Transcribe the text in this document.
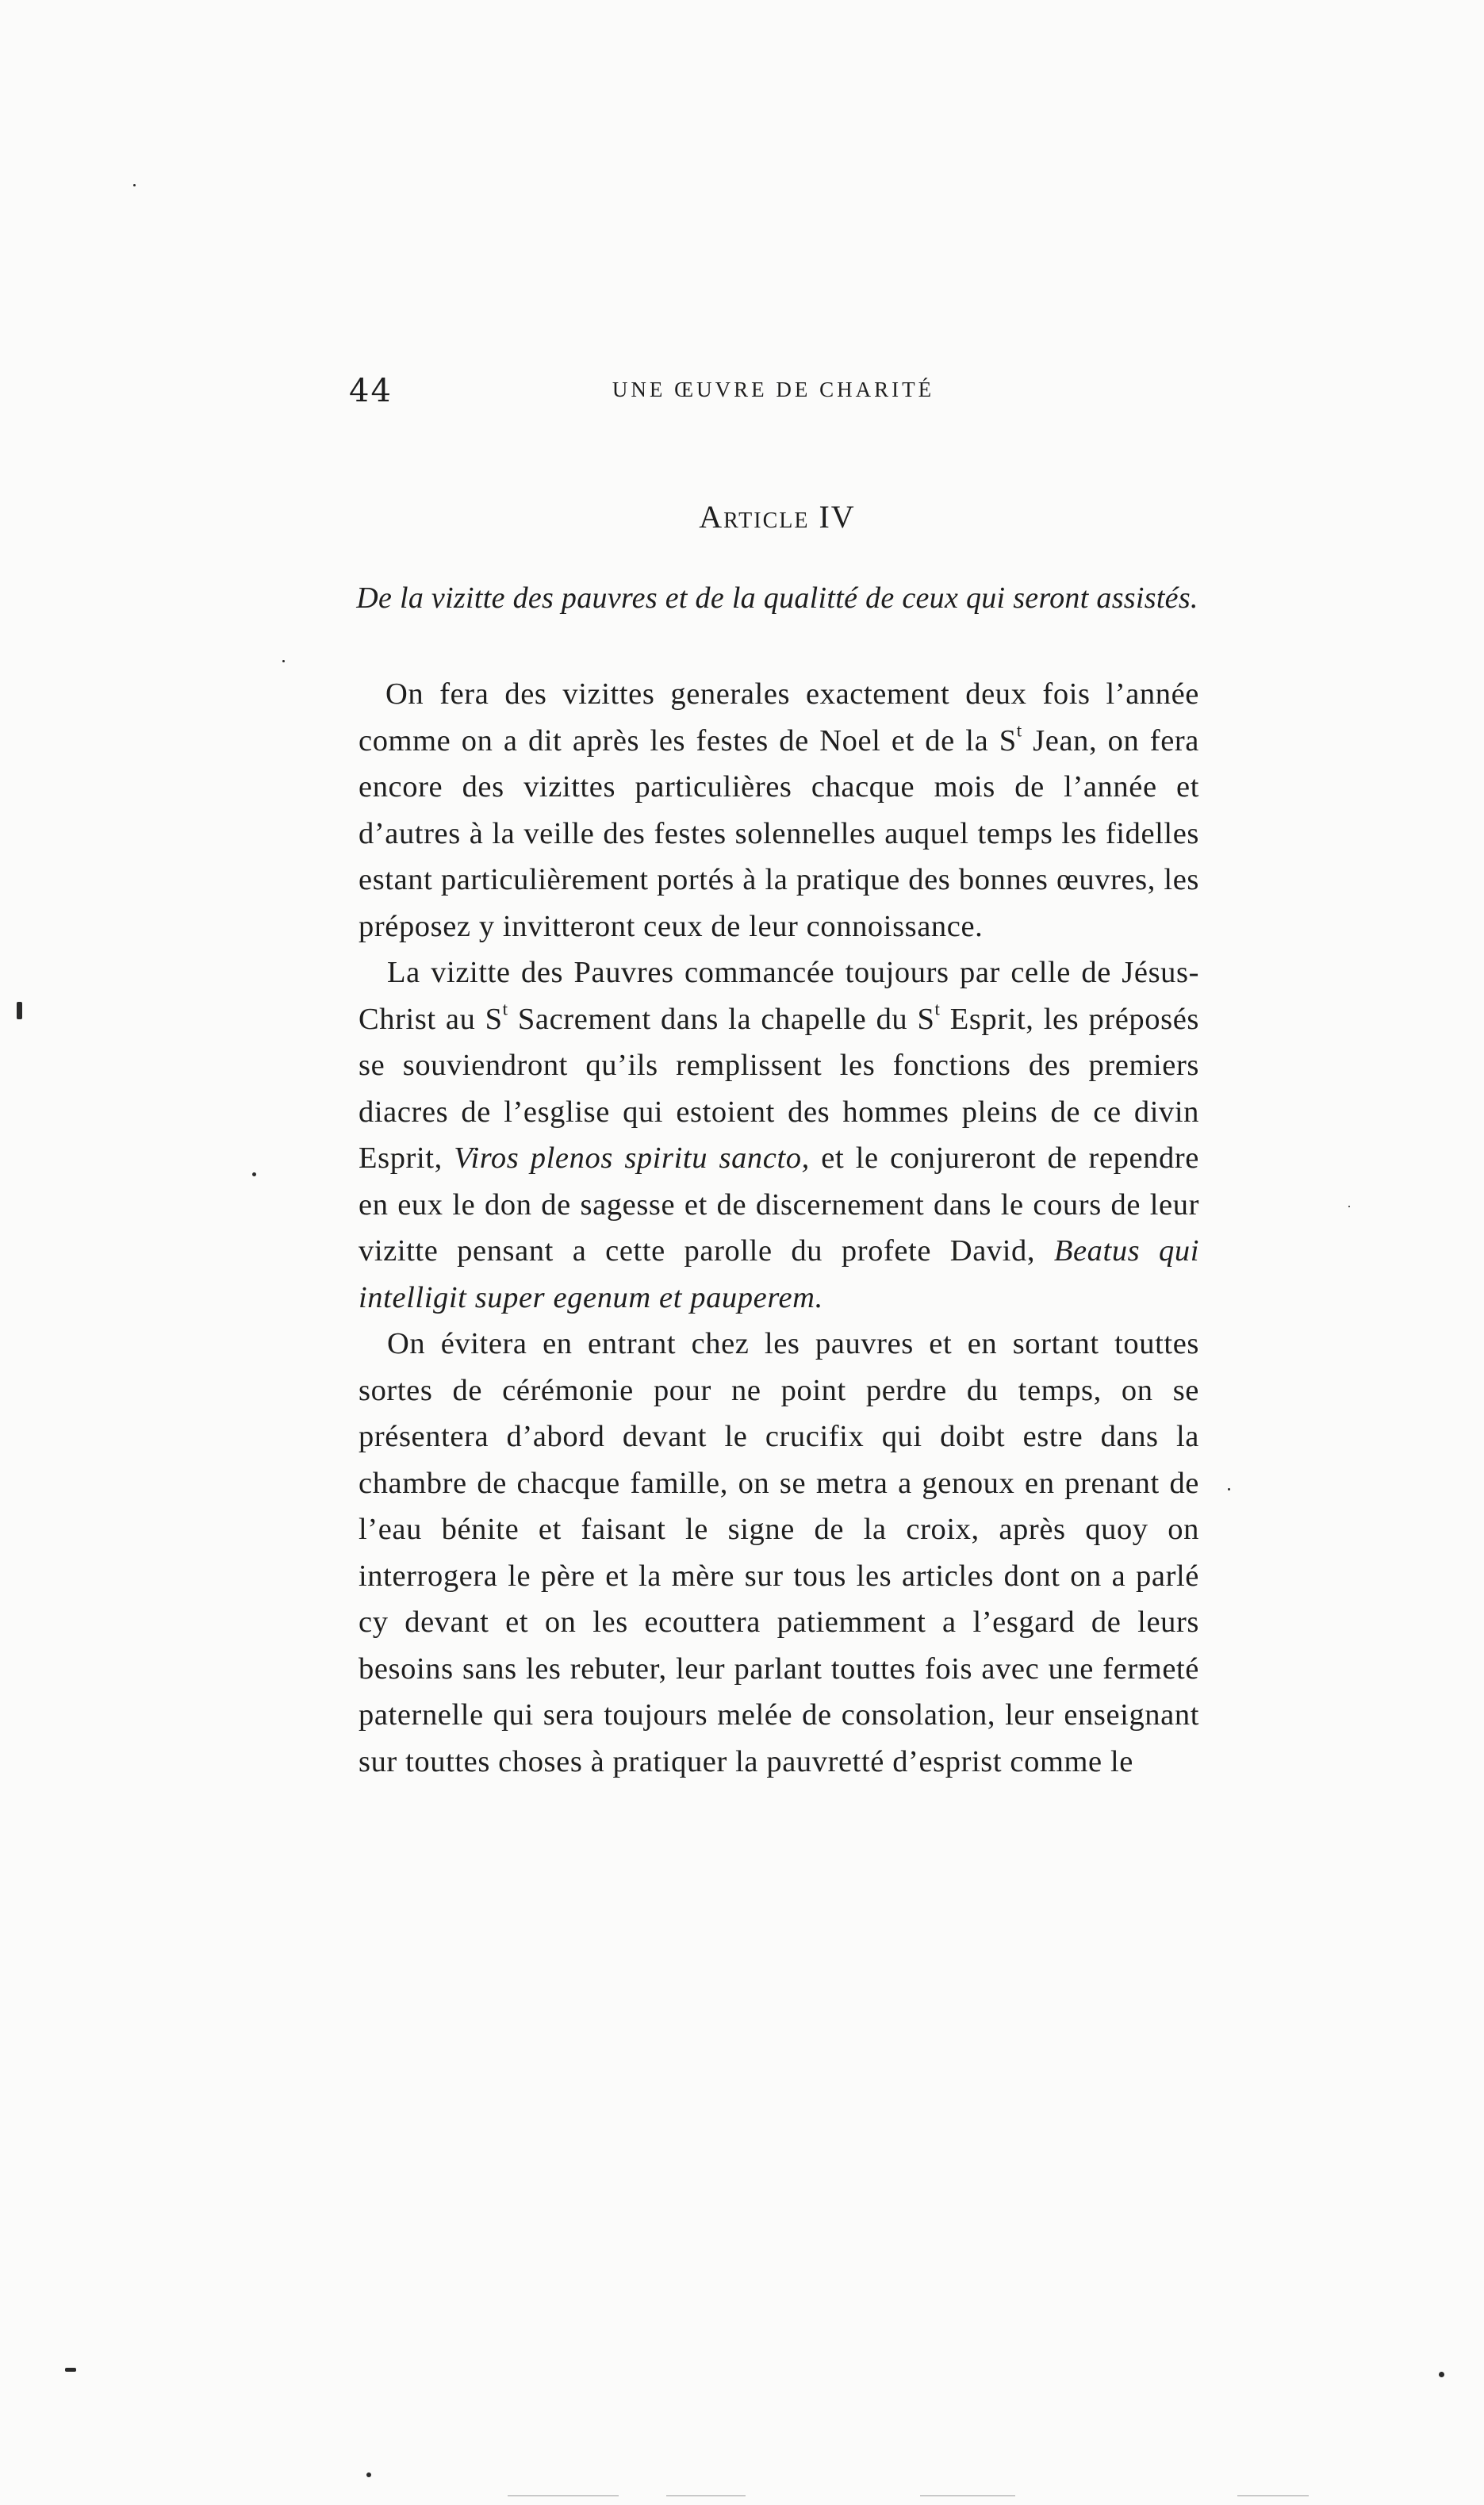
44	UNE ŒUVRE DE CHARITÉ
Article IV
De la vizitte des pauvres et de la qualitté de ceux qui seront assistés.

On fera des vizittes generales exactement deux fois l’année comme on a dit après les festes de Noel et de la $S^t$ Jean, on fera encore des vizittes particulières chacque mois de l’année et d’autres à la veille des festes solennelles auquel temps les fidelles estant particulièrement portés à la pratique des bonnes œuvres, les préposez y invitteront ceux de leur connoissance.

La vizitte des Pauvres commancée toujours par celle de Jésus-Christ au $S^t$ Sacrement dans la chapelle du $S^t$ Esprit, les préposés se souviendront qu’ils remplissent les fonctions des premiers diacres de l’esglise qui estoient des hommes pleins de ce divin Esprit, Viros plenos spiritu sancto, et le conjureront de rependre en eux le don de sagesse et de discernement dans le cours de leur vizitte pensant a cette parolle du profete David, Beatus qui intelligit super egenum et pauperem.

On évitera en entrant chez les pauvres et en sortant touttes sortes de cérémonie pour ne point perdre du temps, on se présentera d’abord devant le crucifix qui doibt estre dans la chambre de chacque famille, on se metra a genoux en prenant de l’eau bénite et faisant le signe de la croix, après quoy on interrogera le père et la mère sur tous les articles dont on a parlé cy devant et on les ecouttera patiemment a l’esgard de leurs besoins sans les rebuter, leur parlant touttes fois avec une fermeté paternelle qui sera toujours melée de consolation, leur enseignant sur touttes choses à pratiquer la pauvretté d’esprist comme le
